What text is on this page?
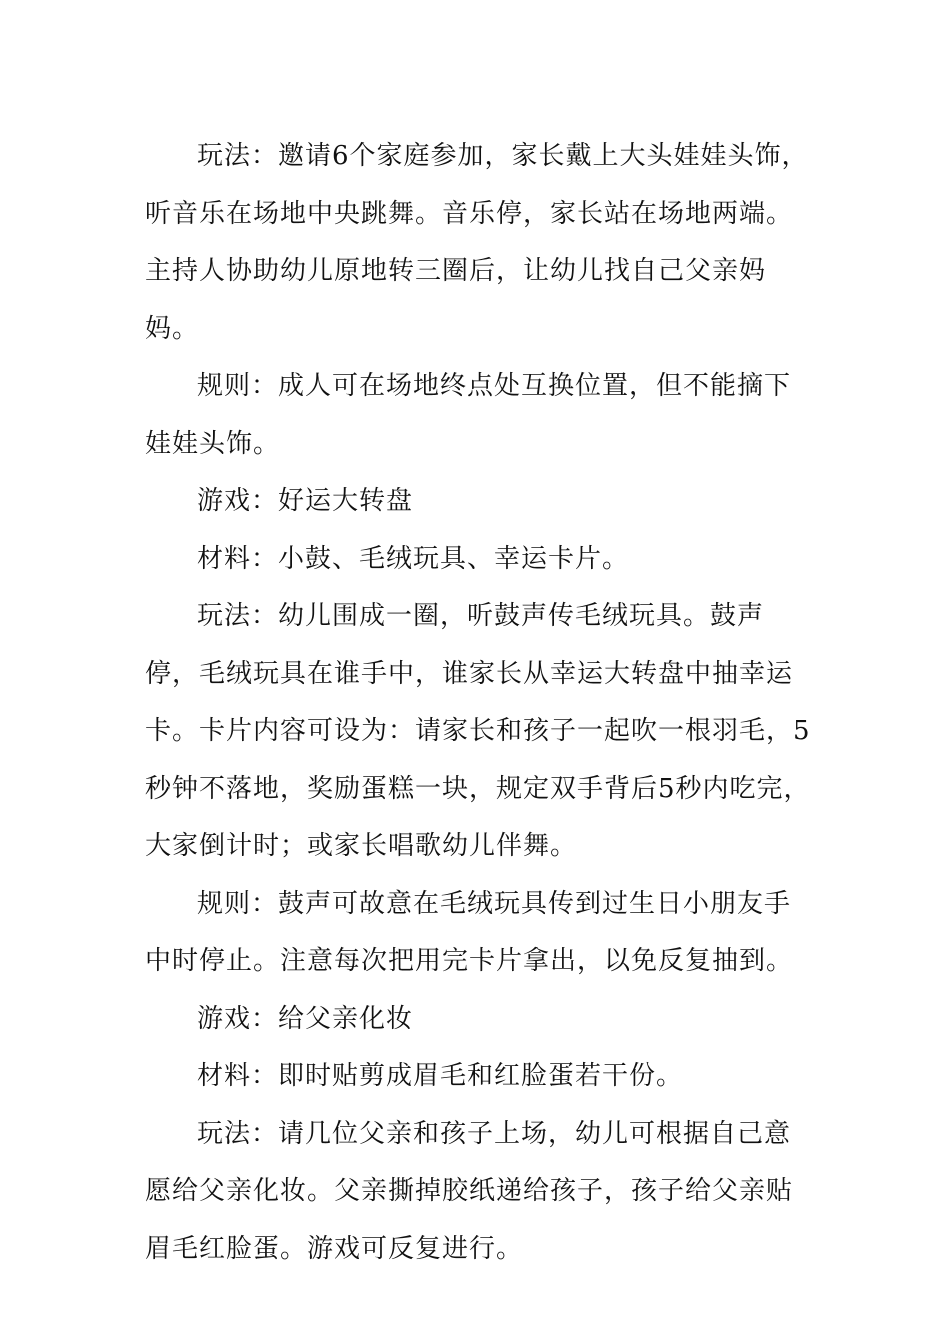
玩法：邀请6个家庭参加，家长戴上大头娃娃头饰，听音乐在场地中央跳舞。音乐停，家长站在场地两端。主持人协助幼儿原地转三圈后，让幼儿找自己父亲妈妈。

规则：成人可在场地终点处互换位置，但不能摘下娃娃头饰。

游戏：好运大转盘

材料：小鼓、毛绒玩具、幸运卡片。

玩法：幼儿围成一圈，听鼓声传毛绒玩具。鼓声停，毛绒玩具在谁手中，谁家长从幸运大转盘中抽幸运卡。卡片内容可设为：请家长和孩子一起吹一根羽毛，5秒钟不落地，奖励蛋糕一块，规定双手背后5秒内吃完，大家倒计时；或家长唱歌幼儿伴舞。

规则：鼓声可故意在毛绒玩具传到过生日小朋友手中时停止。注意每次把用完卡片拿出，以免反复抽到。

游戏：给父亲化妆

材料：即时贴剪成眉毛和红脸蛋若干份。

玩法：请几位父亲和孩子上场，幼儿可根据自己意愿给父亲化妆。父亲撕掉胶纸递给孩子，孩子给父亲贴眉毛红脸蛋。游戏可反复进行。
